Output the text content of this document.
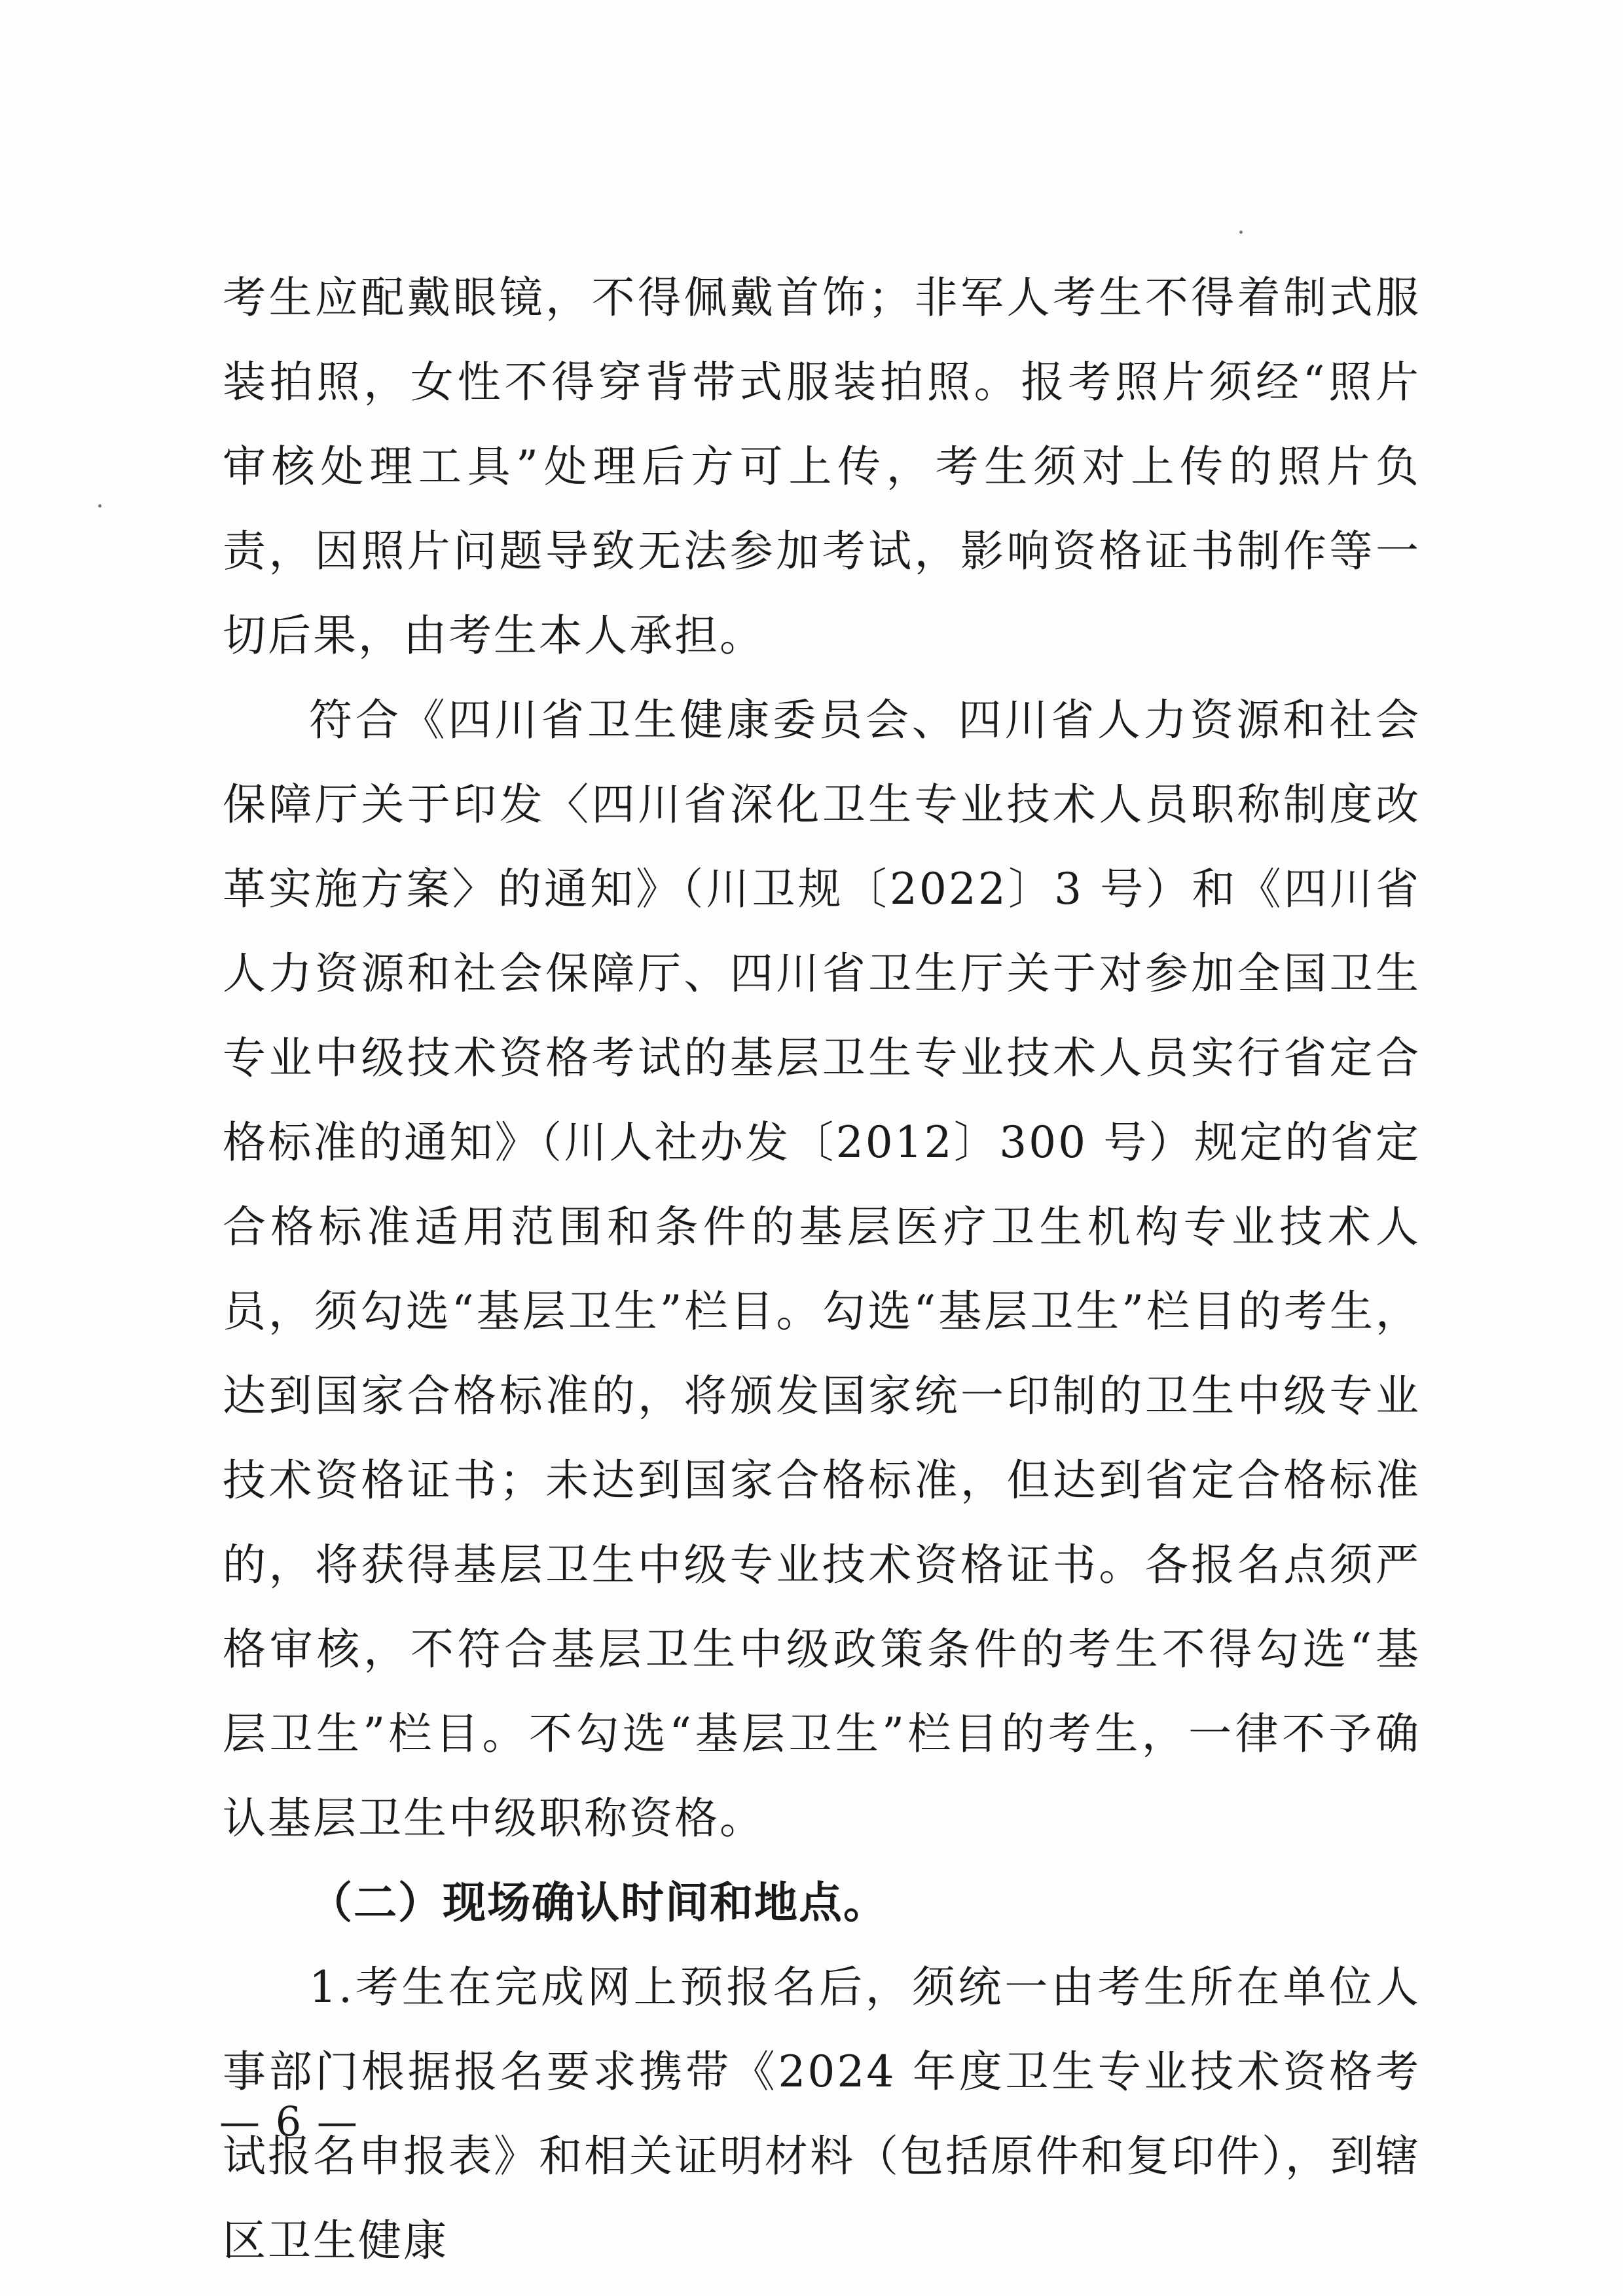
考生应配戴眼镜，不得佩戴首饰；非军人考生不得着制式服装拍照，女性不得穿背带式服装拍照。报考照片须经“照片审核处理工具”处理后方可上传，考生须对上传的照片负责，因照片问题导致无法参加考试，影响资格证书制作等一切后果，由考生本人承担。

符合《四川省卫生健康委员会、四川省人力资源和社会保障厅关于印发〈四川省深化卫生专业技术人员职称制度改革实施方案〉的通知》（川卫规〔2022〕3 号）和《四川省人力资源和社会保障厅、四川省卫生厅关于对参加全国卫生专业中级技术资格考试的基层卫生专业技术人员实行省定合格标准的通知》（川人社办发〔2012〕300 号）规定的省定合格标准适用范围和条件的基层医疗卫生机构专业技术人员，须勾选“基层卫生”栏目。勾选“基层卫生”栏目的考生，达到国家合格标准的，将颁发国家统一印制的卫生中级专业技术资格证书；未达到国家合格标准，但达到省定合格标准的，将获得基层卫生中级专业技术资格证书。各报名点须严格审核，不符合基层卫生中级政策条件的考生不得勾选“基层卫生”栏目。不勾选“基层卫生”栏目的考生，一律不予确认基层卫生中级职称资格。

（二）现场确认时间和地点。

1.考生在完成网上预报名后，须统一由考生所在单位人事部门根据报名要求携带《2024 年度卫生专业技术资格考试报名申报表》和相关证明材料（包括原件和复印件），到辖区卫生健康

— 6 —
